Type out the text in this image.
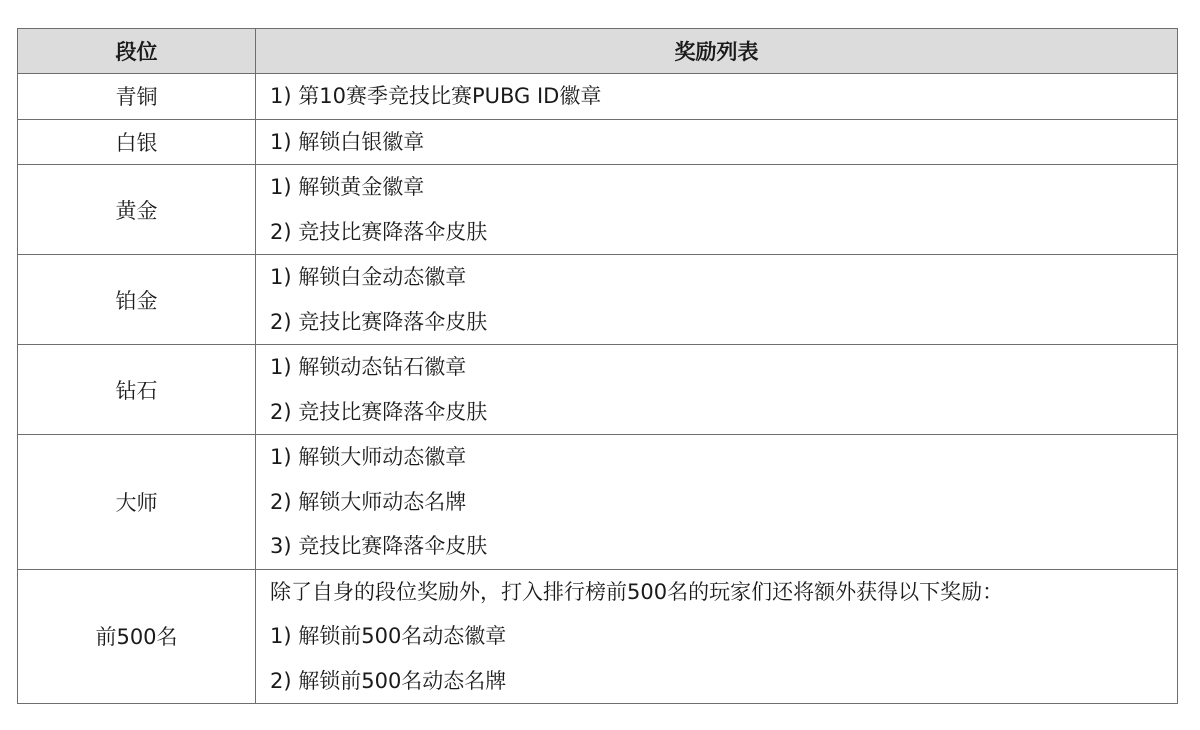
段位	奖励列表
青铜	1) 第10赛季竞技比赛PUBG ID徽章

白银	1) 解锁白银徽章

黄金	1) 解锁黄金徽章
2) 竞技比赛降落伞皮肤

铂金	1) 解锁白金动态徽章
2) 竞技比赛降落伞皮肤

钻石	1) 解锁动态钻石徽章
2) 竞技比赛降落伞皮肤

大师	1) 解锁大师动态徽章
2) 解锁大师动态名牌
3) 竞技比赛降落伞皮肤

前500名	除了自身的段位奖励外，打入排行榜前500名的玩家们还将额外获得以下奖励：
1) 解锁前500名动态徽章
2) 解锁前500名动态名牌
